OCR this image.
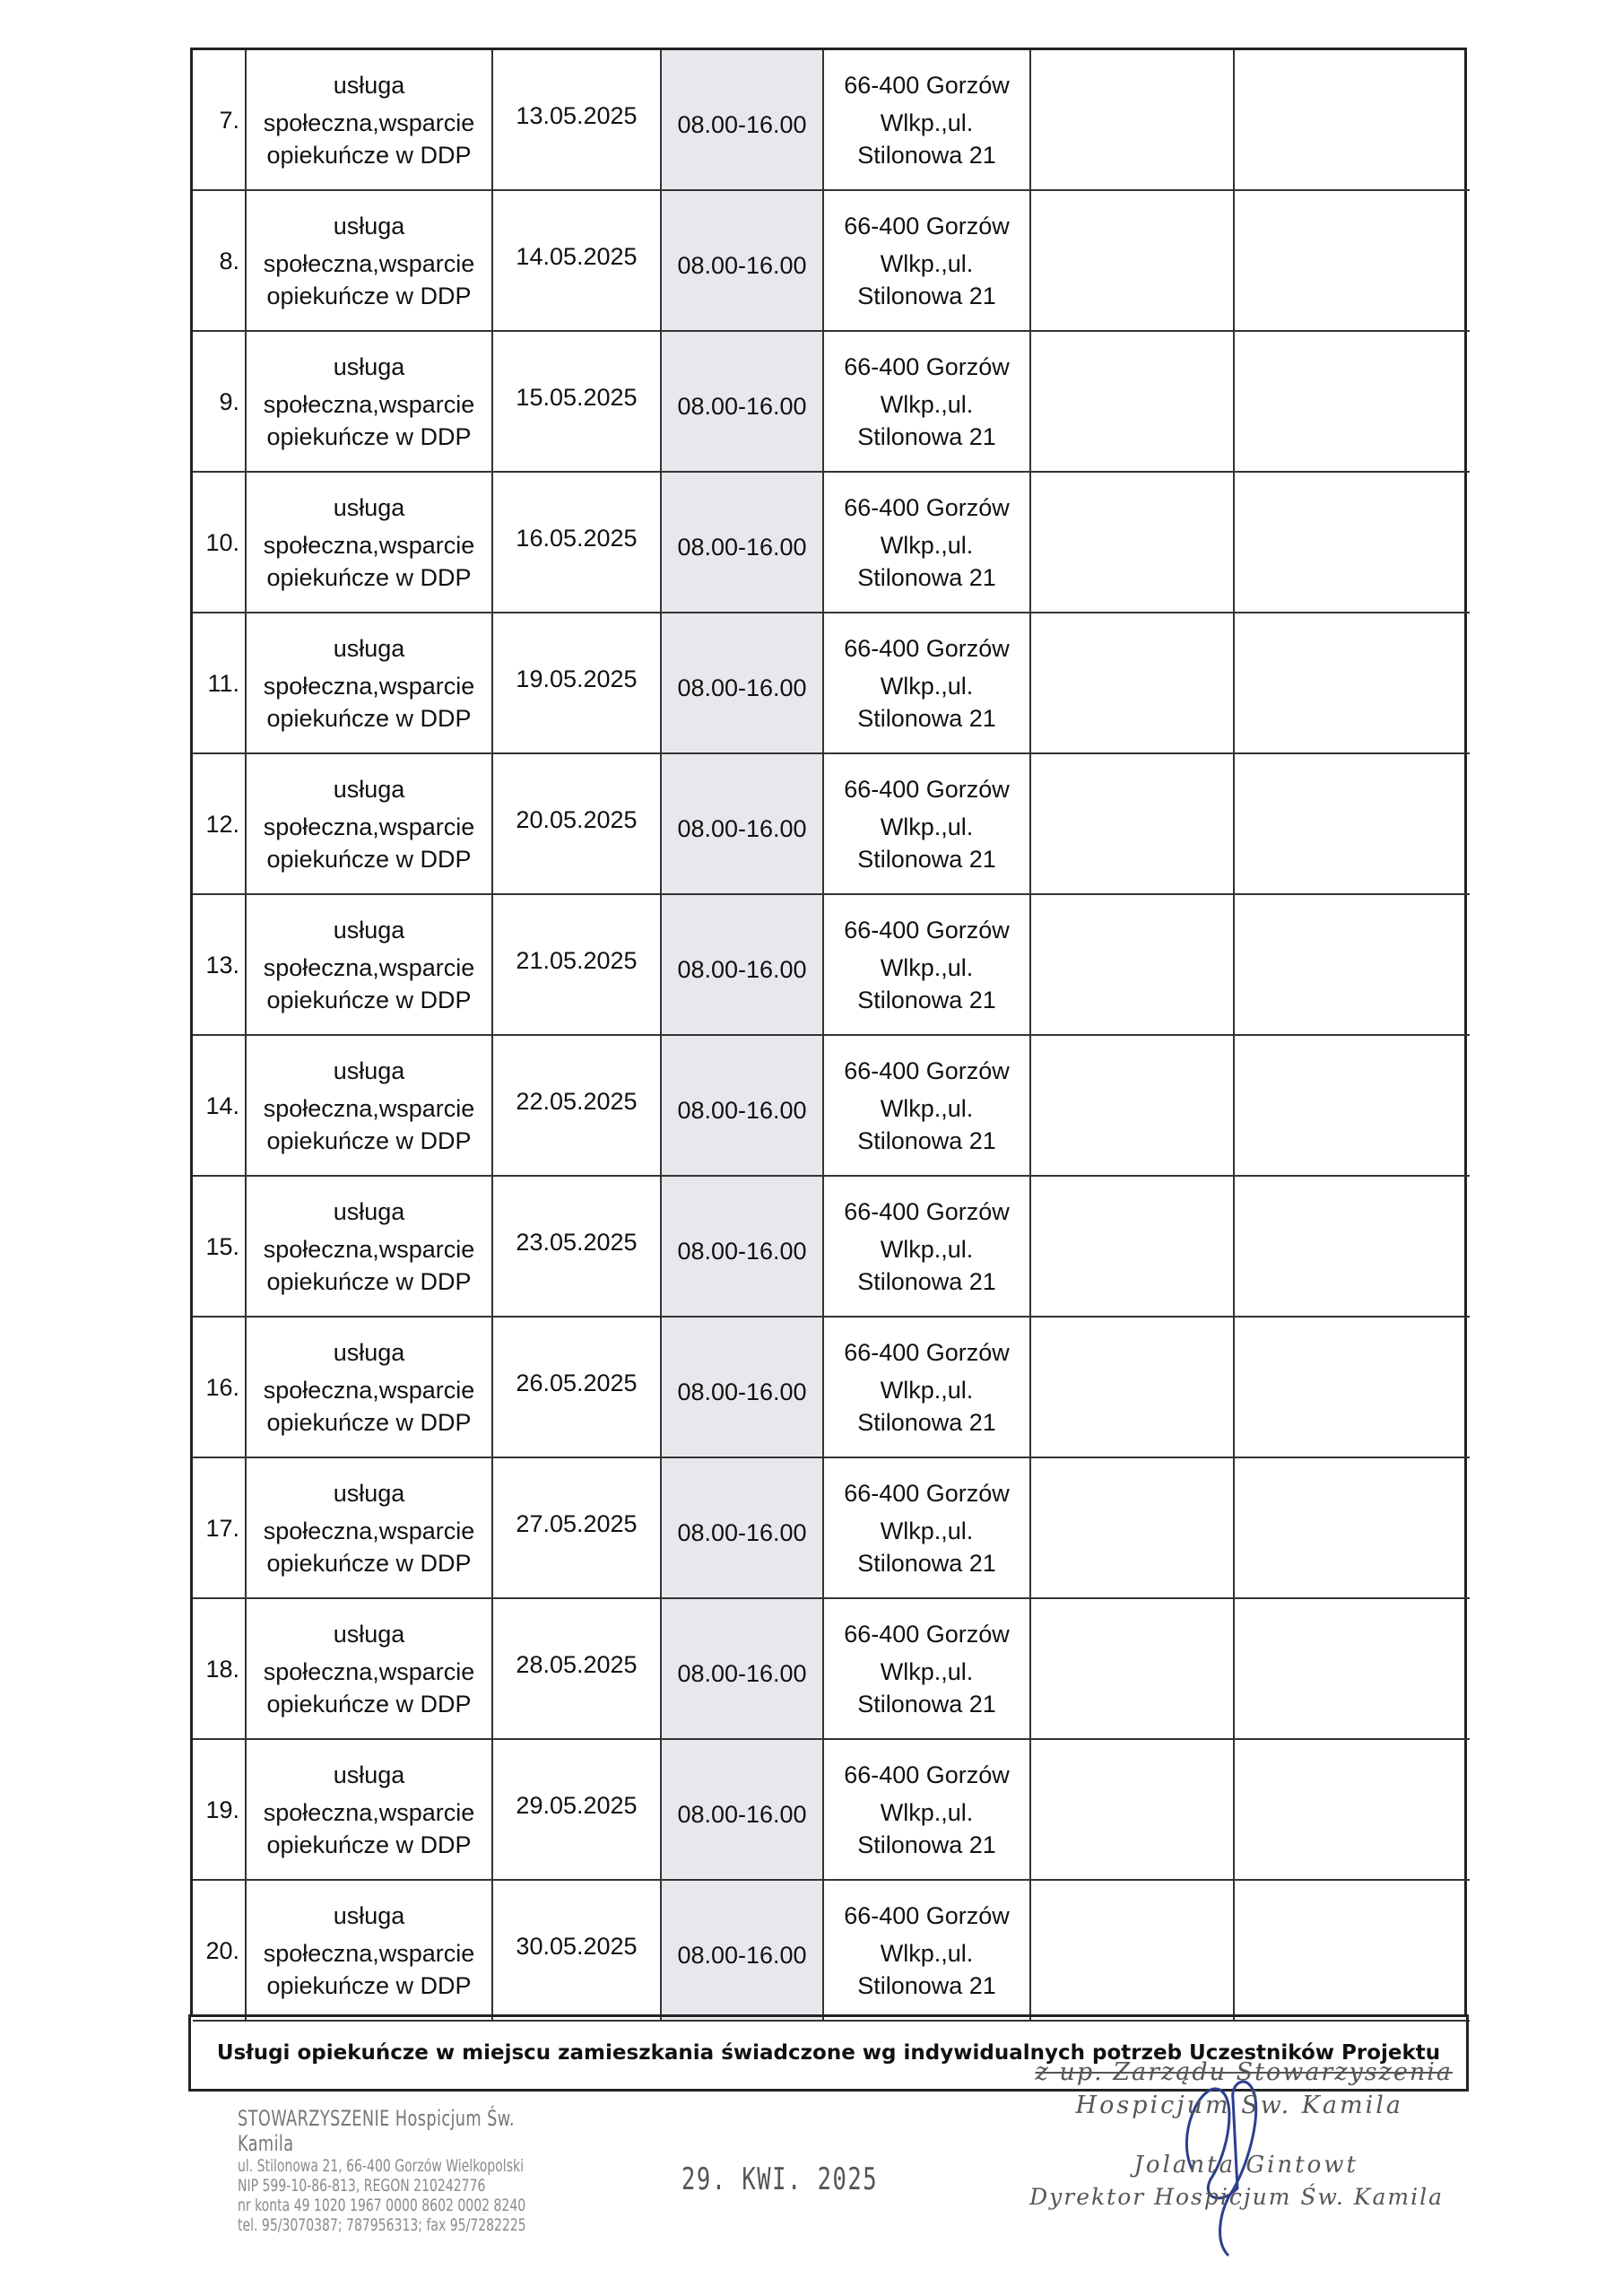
7.
usługa
społeczna,wsparcie
opiekuńcze w DDP
13.05.2025 08.00-16.00
66-400 Gorzów
Wlkp.,ul.
Stilonowa 21
8.
usługa
społeczna,wsparcie
opiekuńcze w DDP
14.05.2025 08.00-16.00
66-400 Gorzów
Wlkp.,ul.
Stilonowa 21
9.
usługa
społeczna,wsparcie
opiekuńcze w DDP
15.05.2025 08.00-16.00
66-400 Gorzów
Wlkp.,ul.
Stilonowa 21
10.
usługa
społeczna,wsparcie
opiekuńcze w DDP
16.05.2025 08.00-16.00
66-400 Gorzów
Wlkp.,ul.
Stilonowa 21
11.
usługa
społeczna,wsparcie
opiekuńcze w DDP
19.05.2025 08.00-16.00
66-400 Gorzów
Wlkp.,ul.
Stilonowa 21
12.
usługa
społeczna,wsparcie
opiekuńcze w DDP
20.05.2025 08.00-16.00
66-400 Gorzów
Wlkp.,ul.
Stilonowa 21
13.
usługa
społeczna,wsparcie
opiekuńcze w DDP
21.05.2025 08.00-16.00
66-400 Gorzów
Wlkp.,ul.
Stilonowa 21
14.
usługa
społeczna,wsparcie
opiekuńcze w DDP
22.05.2025 08.00-16.00
66-400 Gorzów
Wlkp.,ul.
Stilonowa 21
15.
usługa
społeczna,wsparcie
opiekuńcze w DDP
23.05.2025 08.00-16.00
66-400 Gorzów
Wlkp.,ul.
Stilonowa 21
16.
usługa
społeczna,wsparcie
opiekuńcze w DDP
26.05.2025 08.00-16.00
66-400 Gorzów
Wlkp.,ul.
Stilonowa 21
17.
usługa
społeczna,wsparcie
opiekuńcze w DDP
27.05.2025 08.00-16.00
66-400 Gorzów
Wlkp.,ul.
Stilonowa 21
18.
usługa
społeczna,wsparcie
opiekuńcze w DDP
28.05.2025 08.00-16.00
66-400 Gorzów
Wlkp.,ul.
Stilonowa 21
19.
usługa
społeczna,wsparcie
opiekuńcze w DDP
29.05.2025 08.00-16.00
66-400 Gorzów
Wlkp.,ul.
Stilonowa 21
20.
usługa
społeczna,wsparcie
opiekuńcze w DDP
30.05.2025 08.00-16.00
66-400 Gorzów
Wlkp.,ul.
Stilonowa 21
Usługi opiekuńcze w miejscu zamieszkania świadczone wg indywidualnych potrzeb Uczestników Projektu
STOWARZYSZENIE Hospicjum Św. Kamila
ul. Stilonowa 21, 66-400 Gorzów Wielkopolski
NIP 599-10-86-813, REGON 210242776
nr konta 49 1020 1967 0000 8602 0002 8240
tel. 95/3070387; 787956313; fax 95/7282225
29. KWI. 2025
z up. Zarządu Stowarzyszenia
Hospicjum Św. Kamila
Jolanta Gintowt
Dyrektor Hospicjum Św. Kamila
